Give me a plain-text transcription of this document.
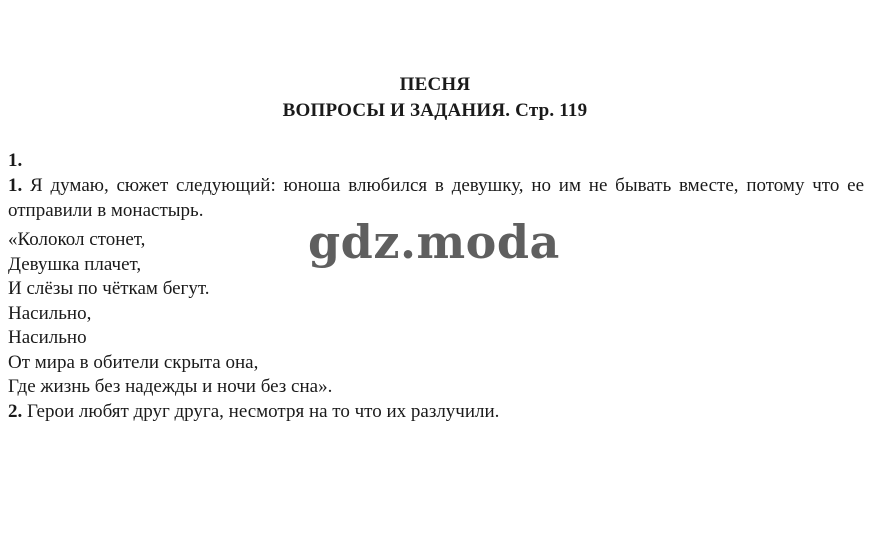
ПЕСНЯ
ВОПРОСЫ И ЗАДАНИЯ. Стр. 119
1.
1. Я думаю, сюжет следующий: юноша влюбился в девушку, но им не бывать вместе, потому что ее отправили в монастырь.
«Колокол стонет,
Девушка плачет,
И слёзы по чёткам бегут.
Насильно,
Насильно
От мира в обители скрыта она,
Где жизнь без надежды и ночи без сна».
2. Герои любят друг друга, несмотря на то что их разлучили.
gdz.moda
